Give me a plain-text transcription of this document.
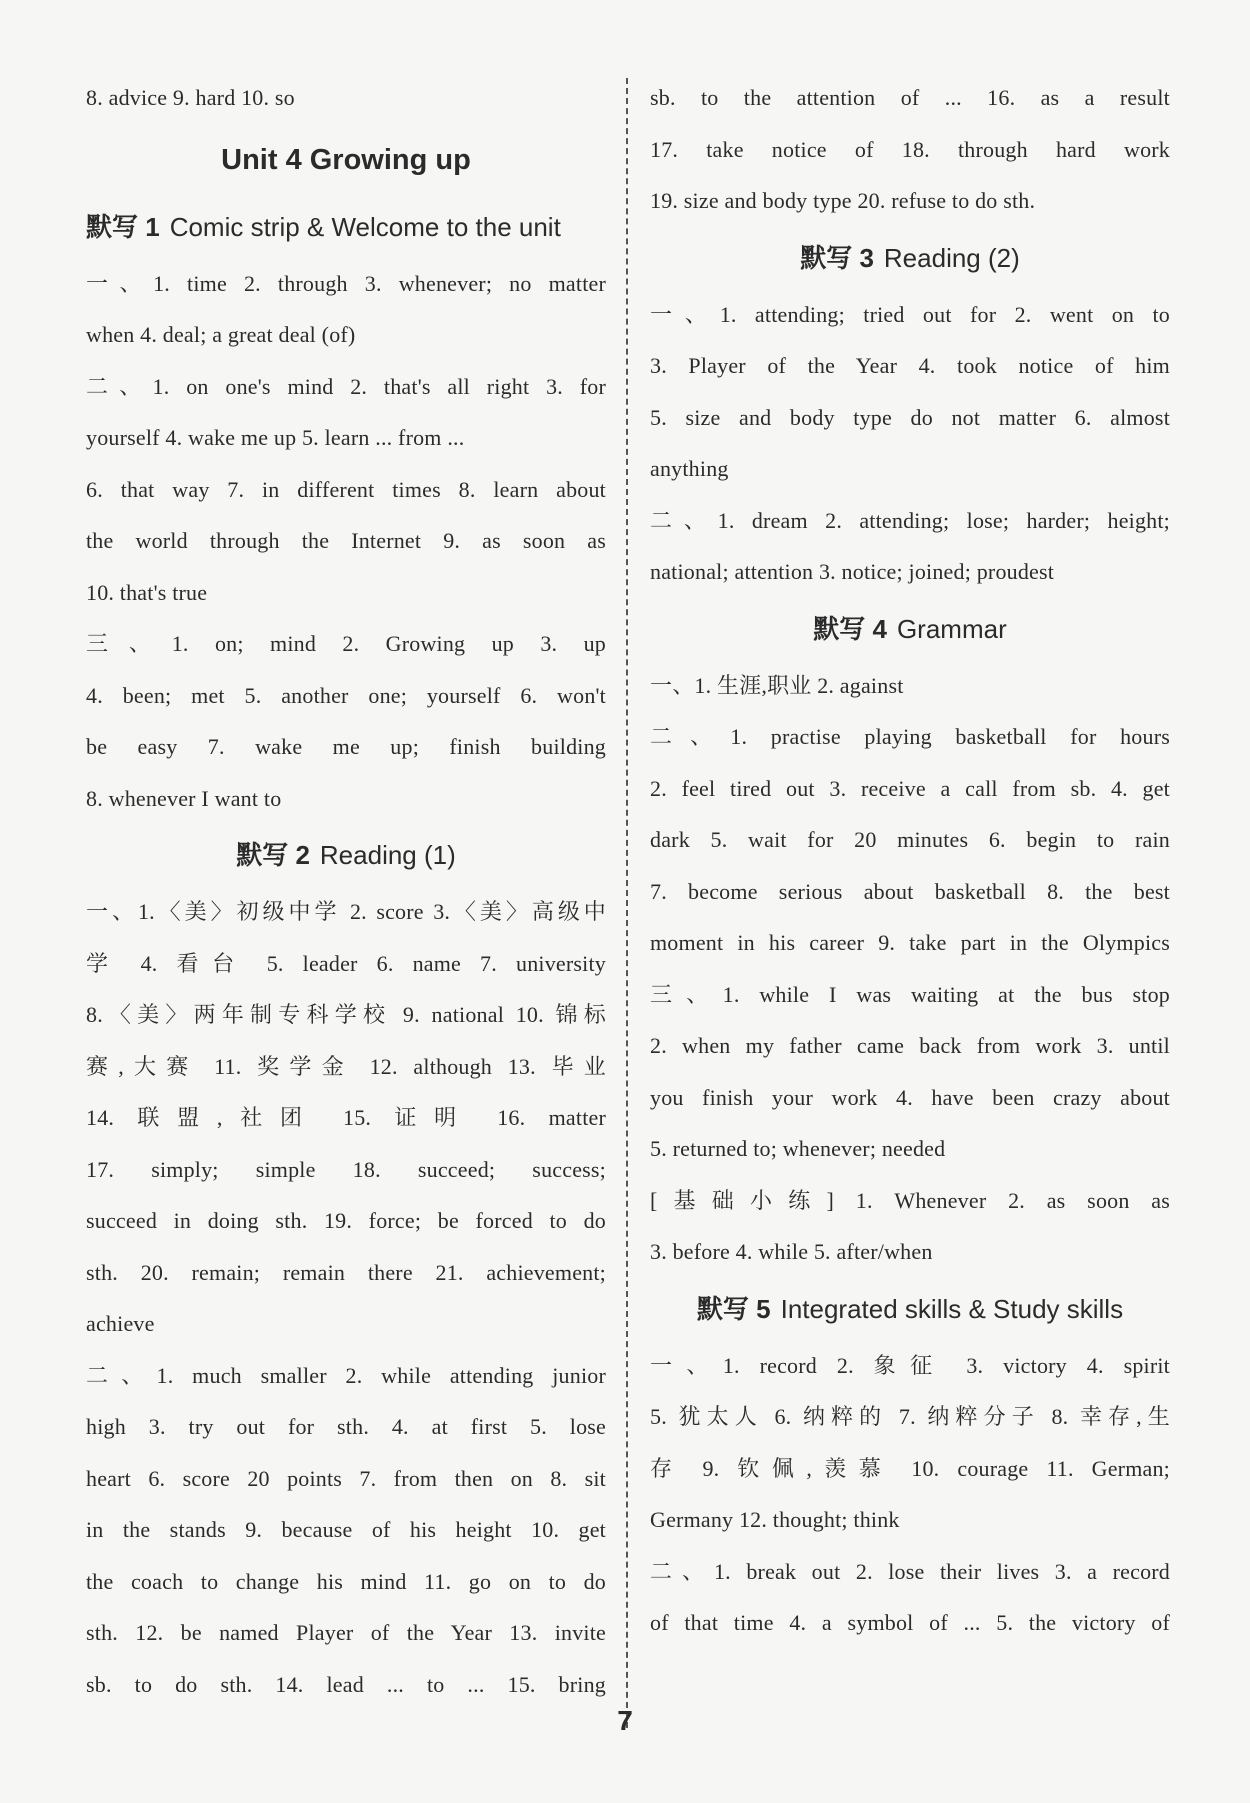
8. advice 9. hard 10. so
Unit 4 Growing up
默写 1 Comic strip & Welcome to the unit
一、1. time 2. through 3. whenever; no matter
when 4. deal; a great deal (of)
二、1. on one's mind 2. that's all right 3. for
yourself 4. wake me up 5. learn ... from ...
6. that way 7. in different times 8. learn about
the world through the Internet 9. as soon as
10. that's true
三、1. on; mind 2. Growing up 3. up
4. been; met 5. another one; yourself 6. won't
be easy 7. wake me up; finish building
8. whenever I want to
默写 2 Reading (1)
一、1.〈美〉初级中学 2. score 3.〈美〉高级中
学 4. 看台 5. leader 6. name 7. university
8.〈美〉两年制专科学校 9. national 10. 锦标
赛,大赛 11. 奖学金 12. although 13. 毕业
14. 联盟,社团 15. 证明 16. matter
17. simply; simple 18. succeed; success;
succeed in doing sth. 19. force; be forced to do
sth. 20. remain; remain there 21. achievement;
achieve
二、1. much smaller 2. while attending junior
high 3. try out for sth. 4. at first 5. lose
heart 6. score 20 points 7. from then on 8. sit
in the stands 9. because of his height 10. get
the coach to change his mind 11. go on to do
sth. 12. be named Player of the Year 13. invite
sb. to do sth. 14. lead ... to ... 15. bring
sb. to the attention of ... 16. as a result
17. take notice of 18. through hard work
19. size and body type 20. refuse to do sth.
默写 3 Reading (2)
一、1. attending; tried out for 2. went on to
3. Player of the Year 4. took notice of him
5. size and body type do not matter 6. almost
anything
二、1. dream 2. attending; lose; harder; height;
national; attention 3. notice; joined; proudest
默写 4 Grammar
一、1. 生涯,职业 2. against
二、1. practise playing basketball for hours
2. feel tired out 3. receive a call from sb. 4. get
dark 5. wait for 20 minutes 6. begin to rain
7. become serious about basketball 8. the best
moment in his career 9. take part in the Olympics
三、1. while I was waiting at the bus stop
2. when my father came back from work 3. until
you finish your work 4. have been crazy about
5. returned to; whenever; needed
[基础小练] 1. Whenever 2. as soon as
3. before 4. while 5. after/when
默写 5 Integrated skills & Study skills
一、1. record 2. 象征 3. victory 4. spirit
5. 犹太人 6. 纳粹的 7. 纳粹分子 8. 幸存,生
存 9. 钦佩,羡慕 10. courage 11. German;
Germany 12. thought; think
二、1. break out 2. lose their lives 3. a record
of that time 4. a symbol of ... 5. the victory of
7
